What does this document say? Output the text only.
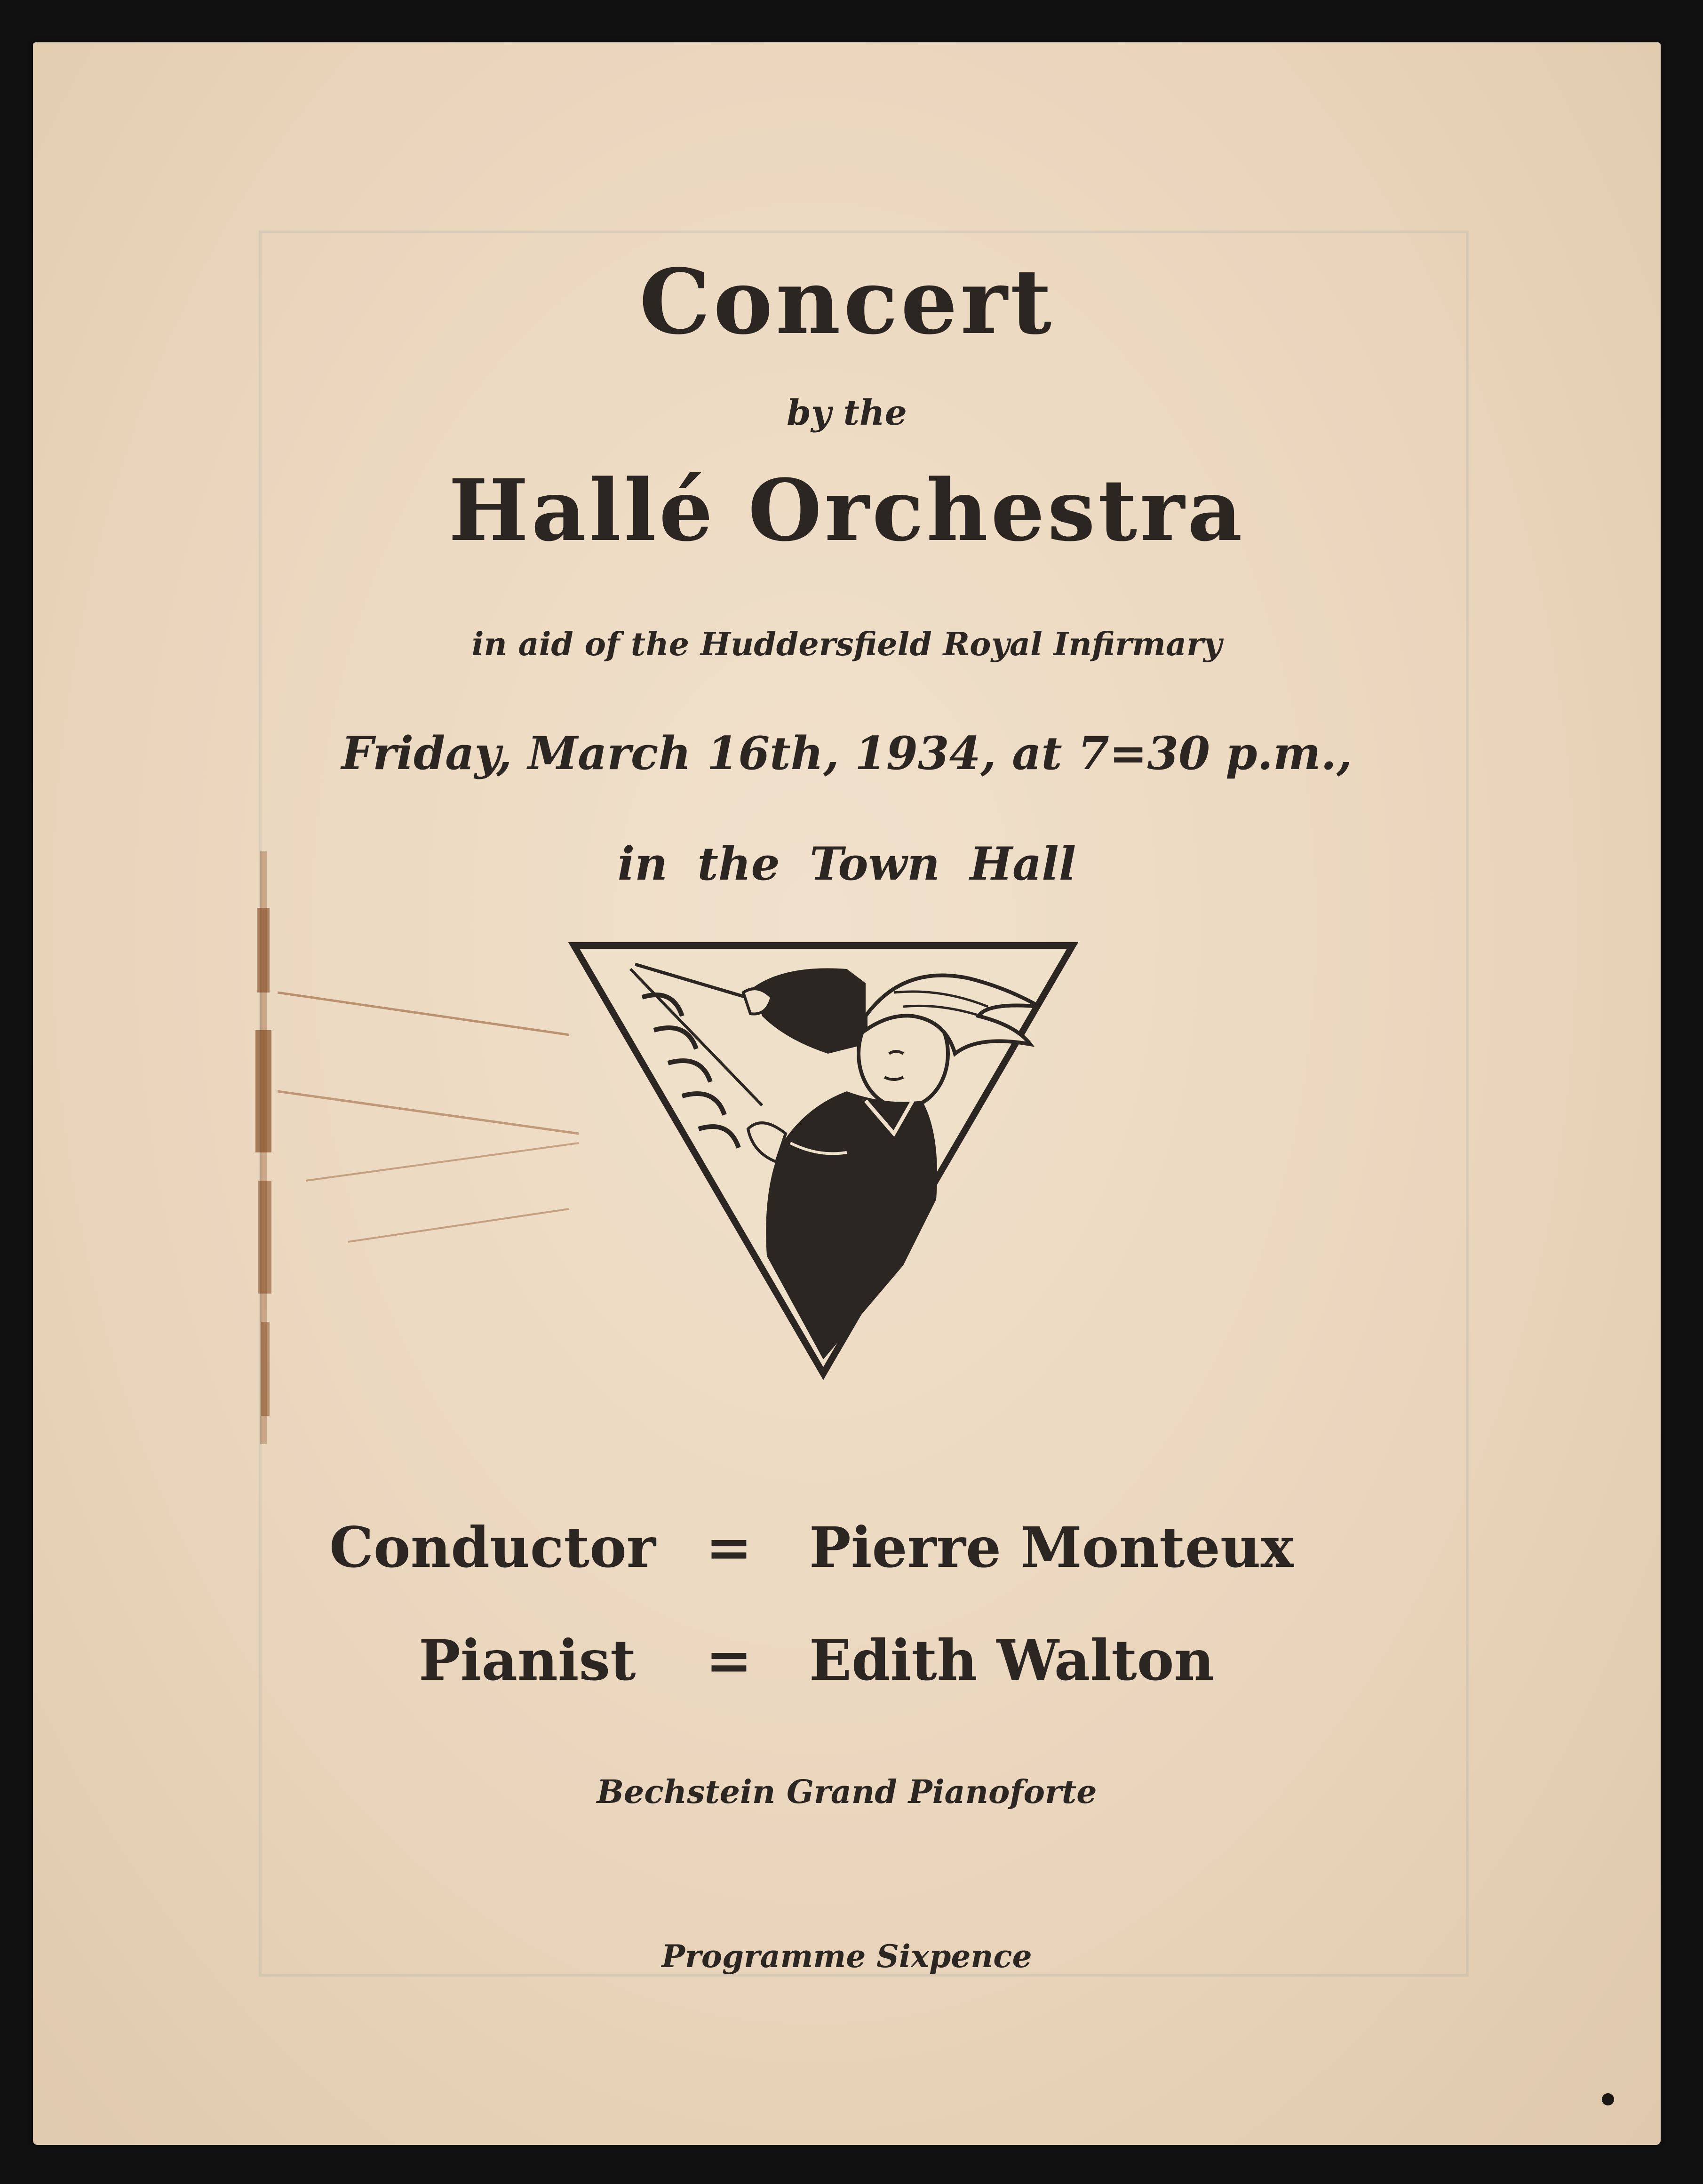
Concert
by the
Hallé Orchestra
in aid of the Huddersfield Royal Infirmary
Friday, March 16th, 1934, at 7=30 p.m.,
in the Town Hall
Conductor = Pierre Monteux
Pianist = Edith Walton
Bechstein Grand Pianoforte
Programme Sixpence
